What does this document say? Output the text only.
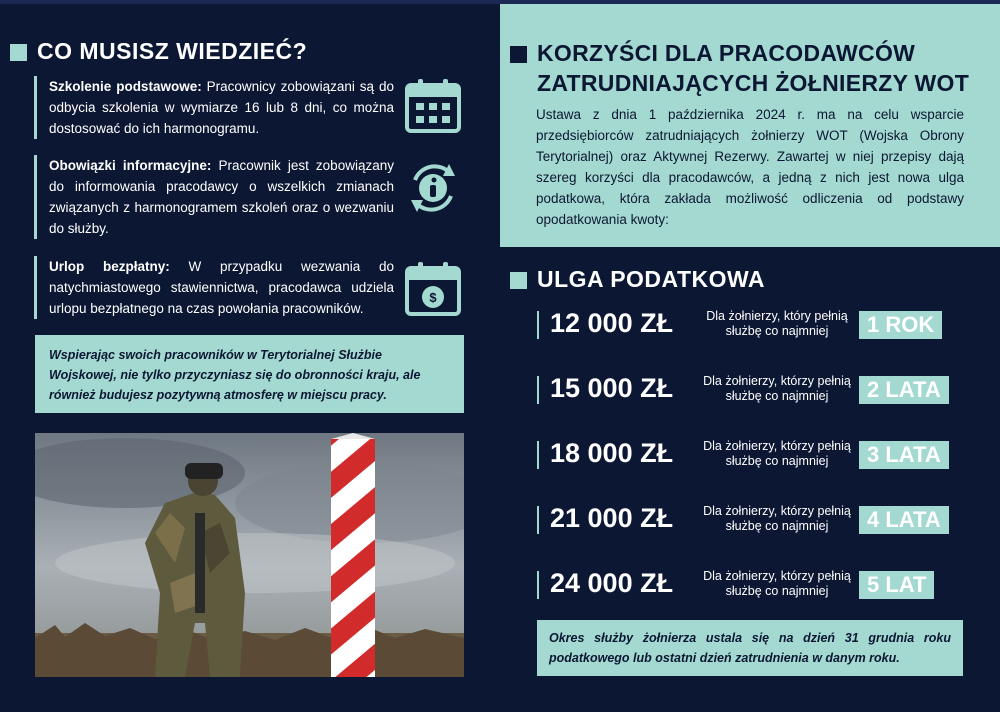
CO MUSISZ WIEDZIEĆ?
Szkolenie podstawowe: Pracownicy zobowiązani są do odbycia szkolenia w wymiarze 16 lub 8 dni, co można dostosować do ich harmonogramu.
Obowiązki informacyjne: Pracownik jest zobowiązany do informowania pracodawcy o wszelkich zmianach związanych z harmonogramem szkoleń oraz o wezwaniu do służby.
Urlop bezpłatny: W przypadku wezwania do natychmiastowego stawiennictwa, pracodawca udziela urlopu bezpłatnego na czas powołania pracowników.
$

Wspierając swoich pracowników w Terytorialnej Służbie Wojskowej, nie tylko przyczyniasz się do obronności kraju, ale również budujesz pozytywną atmosferę w miejscu pracy.

KORZYŚCI DLA PRACODAWCÓW
ZATRUDNIAJĄCYCH ŻOŁNIERZY WOT
Ustawa z dnia 1 października 2024 r. ma na celu wsparcie przedsiębiorców zatrudniających żołnierzy WOT (Wojska Obrony Terytorialnej) oraz Aktywnej Rezerwy. Zawartej w niej przepisy dają szereg korzyści dla pracodawców, a jedną z nich jest nowa ulga podatkowa, która zakłada możliwość odliczenia od podstawy opodatkowania kwoty:
ULGA PODATKOWA
12 000 ZŁ	Dla żołnierzy, który pełnią służbę co najmniej	1 ROK
15 000 ZŁ	Dla żołnierzy, którzy pełnią służbę co najmniej	2 LATA
18 000 ZŁ	Dla żołnierzy, którzy pełnią służbę co najmniej	3 LATA
21 000 ZŁ	Dla żołnierzy, którzy pełnią służbę co najmniej	4 LATA
24 000 ZŁ	Dla żołnierzy, którzy pełnią służbę co najmniej	5 LAT

Okres służby żołnierza ustala się na dzień 31 grudnia roku podatkowego lub ostatni dzień zatrudnienia w danym roku.
